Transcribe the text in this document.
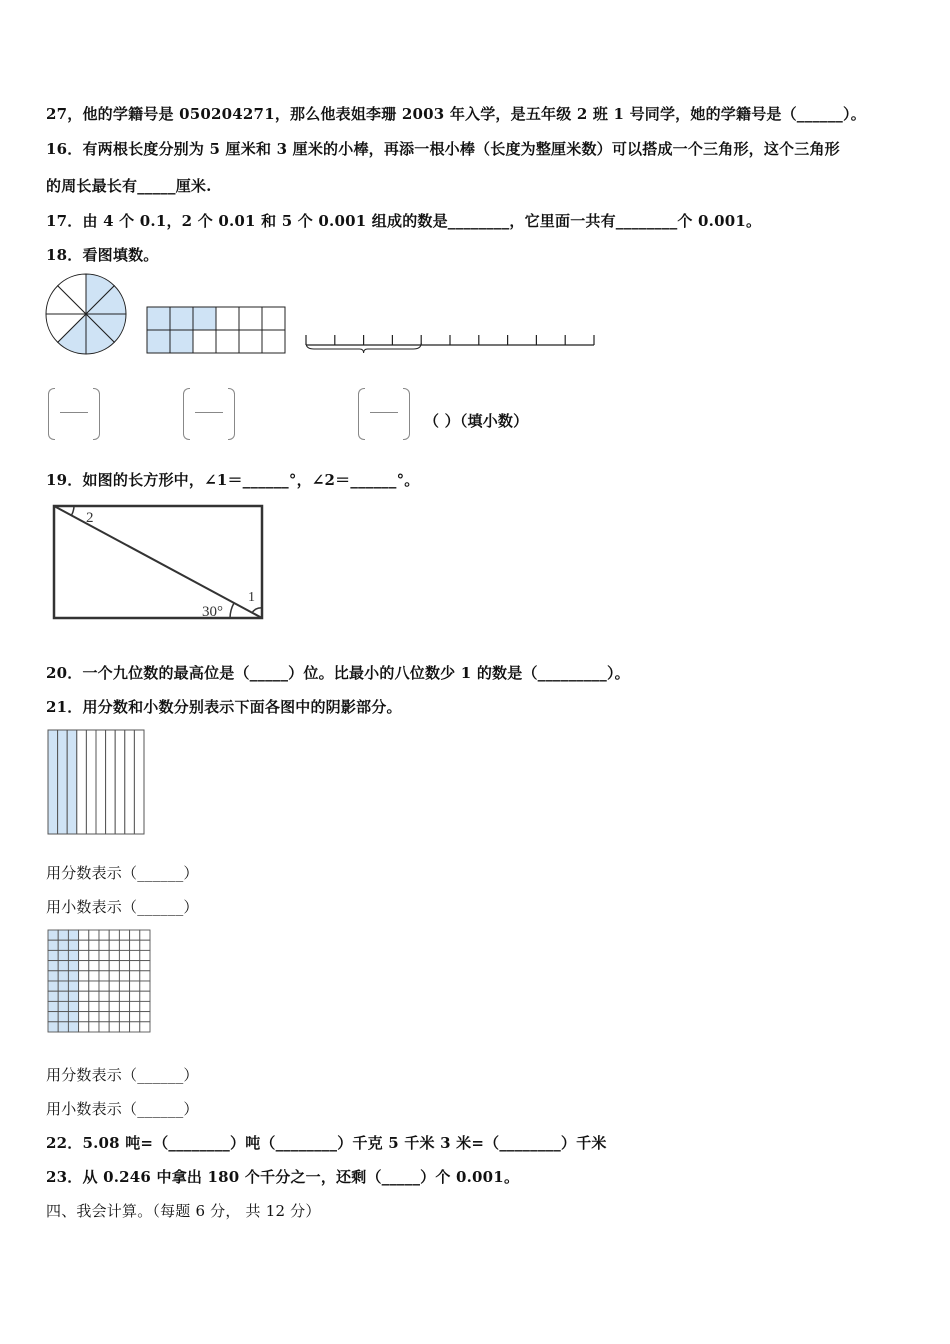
27，他的学籍号是 050204271，那么他表姐李珊 2003 年入学，是五年级 2 班 1 号同学，她的学籍号是（______）。
16．有两根长度分别为 5 厘米和 3 厘米的小棒，再添一根小棒（长度为整厘米数）可以搭成一个三角形，这个三角形
的周长最长有_____厘米.
17．由 4 个 0.1，2 个 0.01 和 5 个 0.001 组成的数是________，它里面一共有________个 0.001。
18．看图填数。
（ ）（填小数）
19．如图的长方形中，∠1＝______°，∠2＝______°。
2
1
30°
20．一个九位数的最高位是（_____）位。比最小的八位数少 1 的数是（_________）。
21．用分数和小数分别表示下面各图中的阴影部分。
用分数表示（______）
用小数表示（______）
用分数表示（______）
用小数表示（______）
22．5.08 吨=（________）吨（________）千克 5 千米 3 米=（________）千米
23．从 0.246 中拿出 180 个千分之一，还剩（_____）个 0.001。
四、我会计算。（每题 6 分， 共 12 分）
